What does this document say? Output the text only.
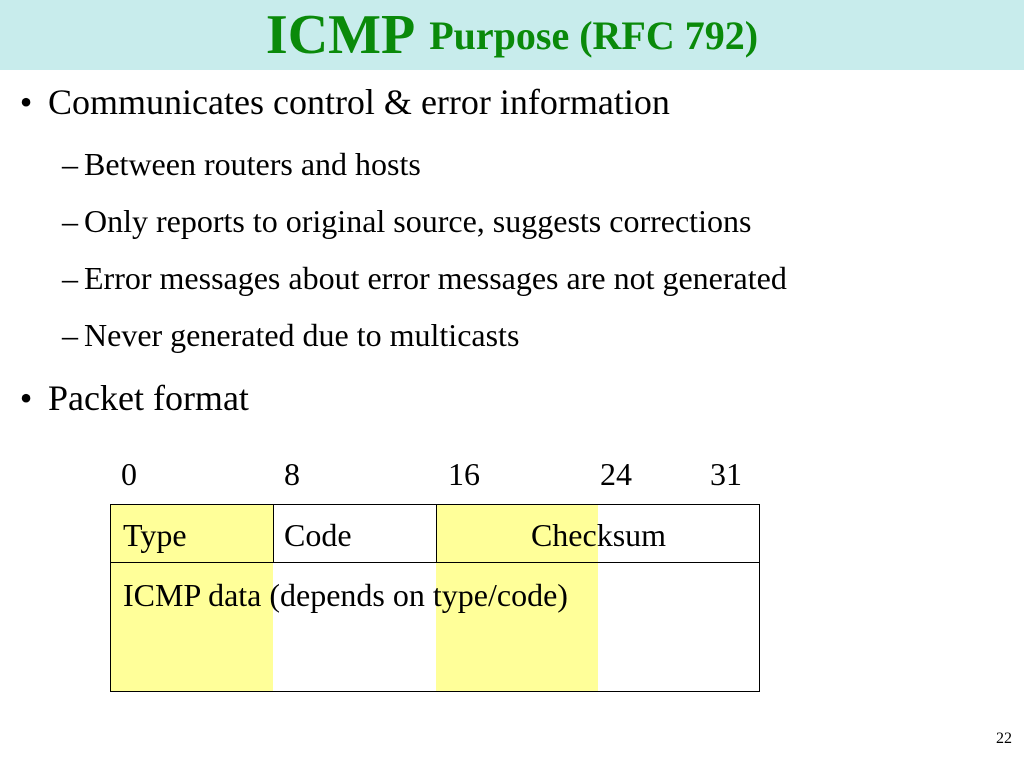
ICMP Purpose (RFC 792)
• Communicates control & error information
– Between routers and hosts
– Only reports to original source, suggests corrections
– Error messages about error messages are not generated
– Never generated due to multicasts
• Packet format
0	8	16	24 31
Type	Code	Checksum
ICMP data (depends on type/code)
22
